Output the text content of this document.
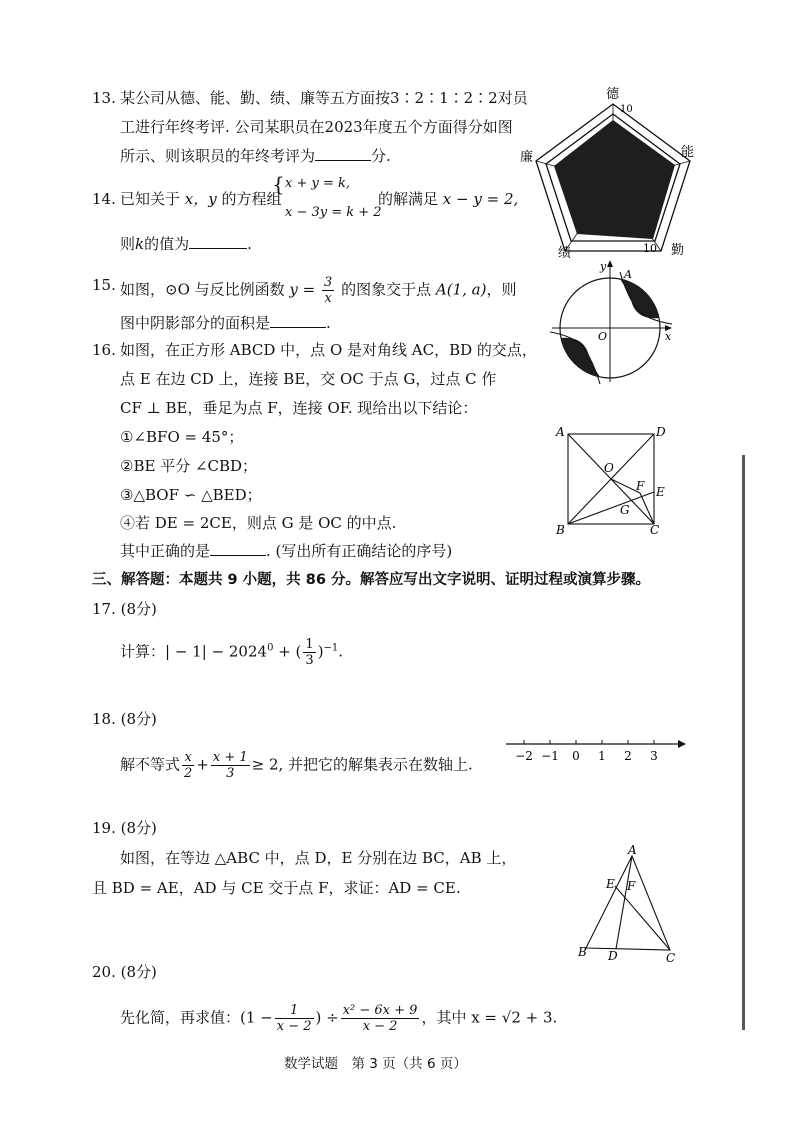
13. 某公司从德、能、勤、绩、廉等五方面按3∶2∶1∶2∶2对员
工进行年终考评. 公司某职员在2023年度五个方面得分如图
所示、则该职员的年终考评为	分.
德
10
能
10 勤
绩
廉
14. 已知关于 x，y 的方程组
{ x + y = k,
x − 3y = k + 2
的解满足 x − y = 2,
则k的值为	.
15. 如图，⊙O 与反比例函数 $y = \frac{3}{x}$ 的图象交于点 A(1, a)，则
图中阴影部分的面积是	.
y
x
O
A
16. 如图，在正方形 ABCD 中，点 O 是对角线 AC，BD 的交点，
点 E 在边 CD 上，连接 BE，交 OC 于点 G，过点 C 作
CF ⊥ BE，垂足为点 F，连接 OF. 现给出以下结论：
①∠BFO = 45°；
②BE 平分 ∠CBD；
③△BOF ∽ △BED；
④若 DE = 2CE，则点 G 是 OC 的中点.
其中正确的是	. (写出所有正确结论的序号)
A	D
O
F E
G
B	C
三、解答题：本题共 9 小题，共 86 分。解答应写出文字说明、证明过程或演算步骤。
17. (8分)
计算：| − $1| - 2024^0$ + ( $\frac{1}{3} )^{-1}$.
18. (8分)
解不等式 $\frac{x}{2} + \frac{x + 1}{3} \ge 2$, 并把它的解集表示在数轴上.	−2 −1 0 1 2 3
19. (8分)
如图，在等边 △ABC 中，点 D，E 分别在边 BC，AB 上，
且 BD = AE，AD 与 CE 交于点 F，求证：AD = CE.
A
E F
B D	C
20. (8分)
先化简，再求值：($1 - \frac{1}{x - 2}$ ) ÷ $\frac{\text{x² − 6x + 9}}{x - 2}$ ，其中 x = √2 + 3.
数学试题　第 3 页（共 6 页）
